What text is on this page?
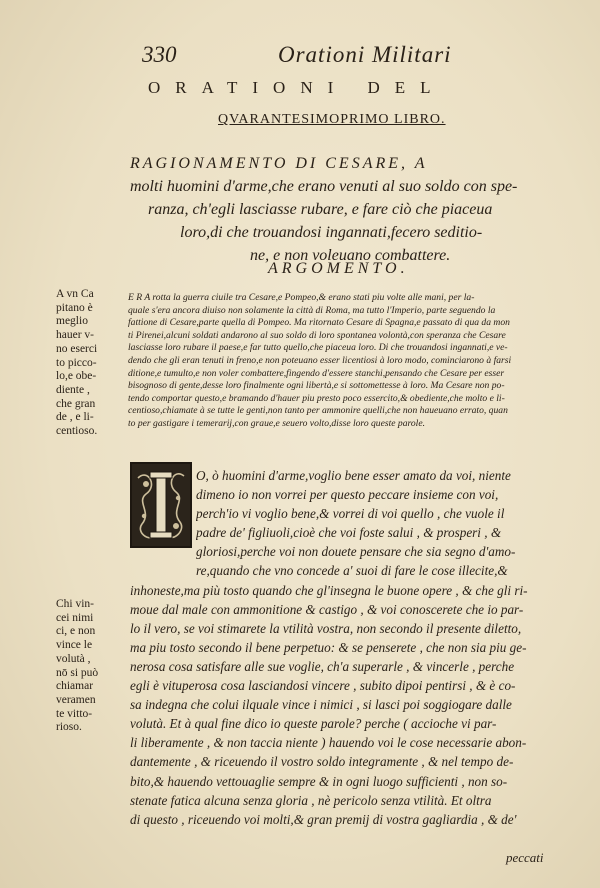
330	Orationi Militari
ORATIONI DEL
QVARANTESIMOPRIMO LIBRO.
RAGIONAMENTO DI CESARE, A
molti huomini d'arme,che erano venuti al suo soldo con spe-
ranza, ch'egli lasciasse rubare, e fare ciò che piaceua
loro,di che trouandosi ingannati,fecero seditio-
ne, e non voleuano combattere.
ARGOMENTO.
A vn Ca
pitano è
meglio
hauer v-
no eserci
to picco-
lo,e obe-
diente ,
che gran
de , e li-
centioso.
E R A rotta la guerra ciuile tra Cesare,e Pompeo,& erano stati piu volte alle mani, per la-
quale s'era ancora diuiso non solamente la città di Roma, ma tutto l'Imperio, parte seguendo la
fattione di Cesare,parte quella di Pompeo. Ma ritornato Cesare di Spagna,e passato di qua da mon
ti Pirenei,alcuni soldati andarono al suo soldo di loro spontanea volontà,con speranza che Cesare
lasciasse loro rubare il paese,e far tutto quello,che piaceua loro. Di che trouandosi ingannati,e ve-
dendo che gli eran tenuti in freno,e non poteuano esser licentiosi à loro modo, cominciarono à farsi
ditione,e tumulto,e non voler combattere,fingendo d'essere stanchi,pensando che Cesare per esser
bisognoso di gente,desse loro finalmente ogni libertà,e si sottomettesse à loro. Ma Cesare non po-
tendo comportar questo,e bramando d'hauer piu presto poco essercito,& obediente,che molto e li-
centioso,chiamate à se tutte le genti,non tanto per ammonire quelli,che non haueuano errato, quan
to per gastigare i temerarij,con graue,e seuero volto,disse loro queste parole.
Chi vin-
cei nimi
ci, e non
vince le
volutà ,
nō si può
chiamar
veramen
te vitto-
rioso.
O, ò huomini d'arme,voglio bene esser amato da voi, niente
dimeno io non vorrei per questo peccare insieme con voi,
perch'io vi voglio bene,& vorrei di voi quello , che vuole il
padre de' figliuoli,cioè che voi foste salui , & prosperi , &
gloriosi,perche voi non douete pensare che sia segno d'amo-
re,quando che vno concede a' suoi di fare le cose illecite,&
inhoneste,ma più tosto quando che gl'insegna le buone opere , & che gli ri-
moue dal male con ammonitione & castigo , & voi conoscerete che io par-
lo il vero, se voi stimarete la vtilità vostra, non secondo il presente diletto,
ma piu tosto secondo il bene perpetuo: & se penserete , che non sia piu ge-
nerosa cosa satisfare alle sue voglie, ch'a superarle , & vincerle , perche
egli è vituperosa cosa lasciandosi vincere , subito dipoi pentirsi , & è co-
sa indegna che colui ilquale vince i nimici , si lasci poi soggiogare dalle
volutà. Et à qual fine dico io queste parole? perche ( accioche vi par-
li liberamente , & non taccia niente ) hauendo voi le cose necessarie abon-
dantemente , & riceuendo il vostro soldo integramente , & nel tempo de-
bito,& hauendo vettouaglie sempre & in ogni luogo sufficienti , non so-
stenate fatica alcuna senza gloria , nè pericolo senza vtilità. Et oltra
di questo , riceuendo voi molti,& gran premij di vostra gagliardia , & de'
peccati
